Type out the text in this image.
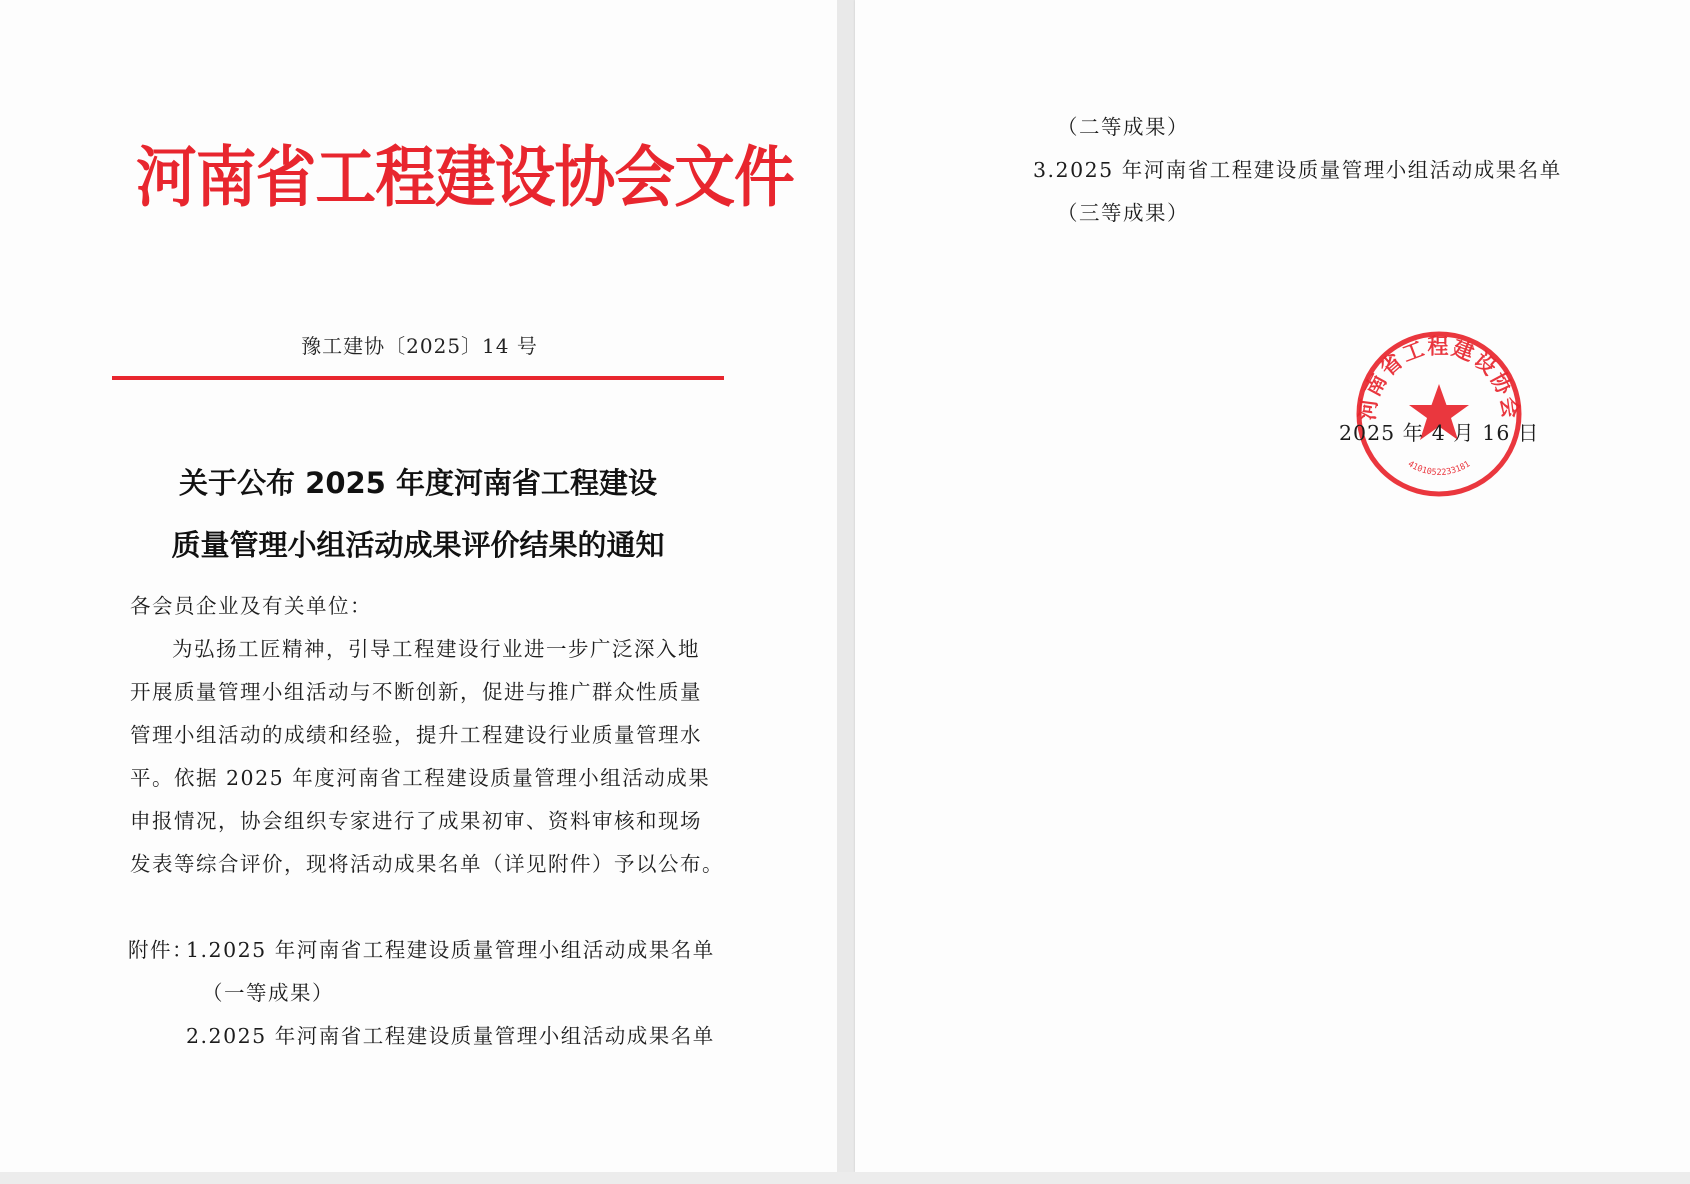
河南省工程建设协会文件
豫工建协〔2025〕14 号
关于公布 2025 年度河南省工程建设
质量管理小组活动成果评价结果的通知
各会员企业及有关单位：
为弘扬工匠精神，引导工程建设行业进一步广泛深入地
开展质量管理小组活动与不断创新，促进与推广群众性质量
管理小组活动的成绩和经验，提升工程建设行业质量管理水
平。依据 2025 年度河南省工程建设质量管理小组活动成果
申报情况，协会组织专家进行了成果初审、资料审核和现场
发表等综合评价，现将活动成果名单（详见附件）予以公布。
附件：
1.2025 年河南省工程建设质量管理小组活动成果名单
（一等成果）
2.2025 年河南省工程建设质量管理小组活动成果名单
（二等成果）
3.2025 年河南省工程建设质量管理小组活动成果名单
（三等成果）
河南省工程建设协会
4101052233181
2025 年 4 月 16 日
